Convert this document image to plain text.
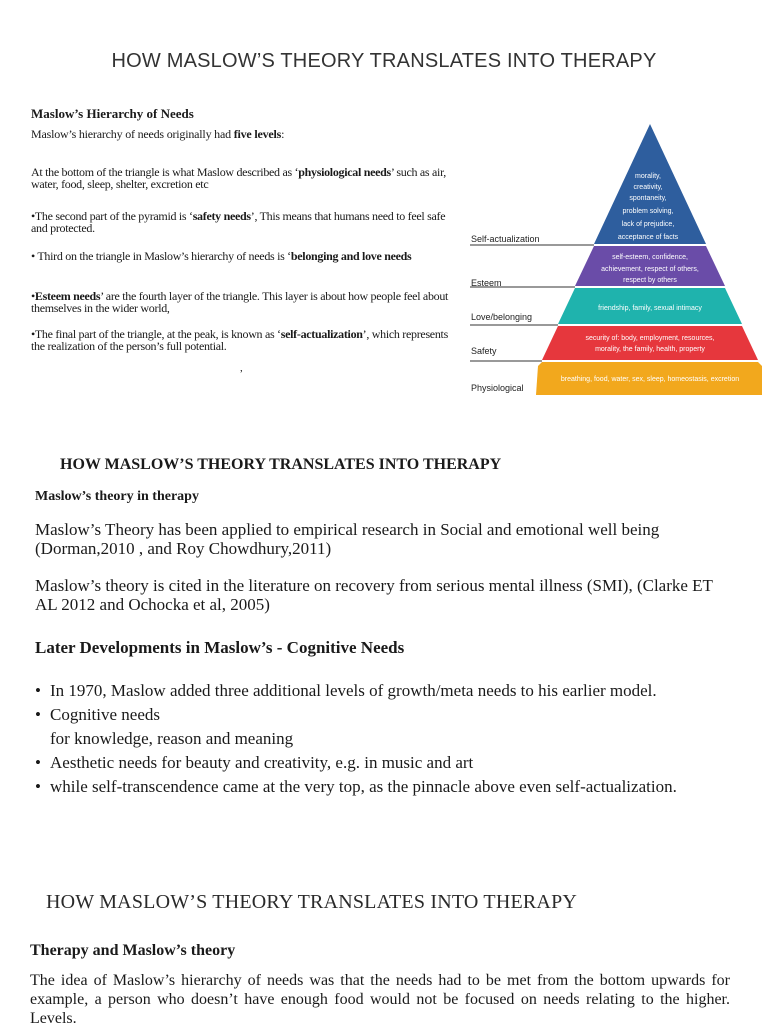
HOW MASLOW’S THEORY TRANSLATES INTO THERAPY
Maslow’s Hierarchy of Needs
Maslow’s hierarchy of needs originally had five levels:
At the bottom of the triangle is what Maslow described as ‘physiological needs’ such as air, water, food, sleep, shelter, excretion etc
•The second part of the pyramid is ‘safety needs’, This means that humans need to feel safe and protected.
• Third on the triangle in Maslow’s hierarchy of needs is ‘belonging and love needs
•Esteem needs’ are the fourth layer of the triangle. This layer is about how people feel about themselves in the wider world,
•The final part of the triangle, at the peak, is known as ‘self-actualization’, which represents the realization of the person’s full potential.
,
Self-actualization
Esteem
Love/belonging
Safety
Physiological
morality,
creativity,
spontaneity,
problem solving,
lack of prejudice,
acceptance of facts
self-esteem, confidence,
achievement, respect of others,
respect by others
friendship, family, sexual intimacy
security of: body, employment, resources,
morality, the family, health, property
breathing, food, water, sex, sleep, homeostasis, excretion
HOW MASLOW’S THEORY TRANSLATES INTO THERAPY
Maslow’s theory in therapy
Maslow’s Theory has been applied to empirical research in Social and emotional well being (Dorman,2010 , and Roy Chowdhury,2011)
Maslow’s theory is cited in the literature on recovery from serious mental illness (SMI), (Clarke ET AL 2012 and Ochocka et al, 2005)
Later Developments in Maslow’s - Cognitive Needs
• In 1970, Maslow added three additional levels of growth/meta needs to his earlier model.
• Cognitive needs
for knowledge, reason and meaning
• Aesthetic needs for beauty and creativity, e.g. in music and art
• while self-transcendence came at the very top, as the pinnacle above even self-actualization.
HOW MASLOW’S THEORY TRANSLATES INTO THERAPY
Therapy and Maslow’s theory
The idea of Maslow’s hierarchy of needs was that the needs had to be met from the bottom upwards for example, a person who doesn’t have enough food would not be focused on needs relating to the higher. Levels.
